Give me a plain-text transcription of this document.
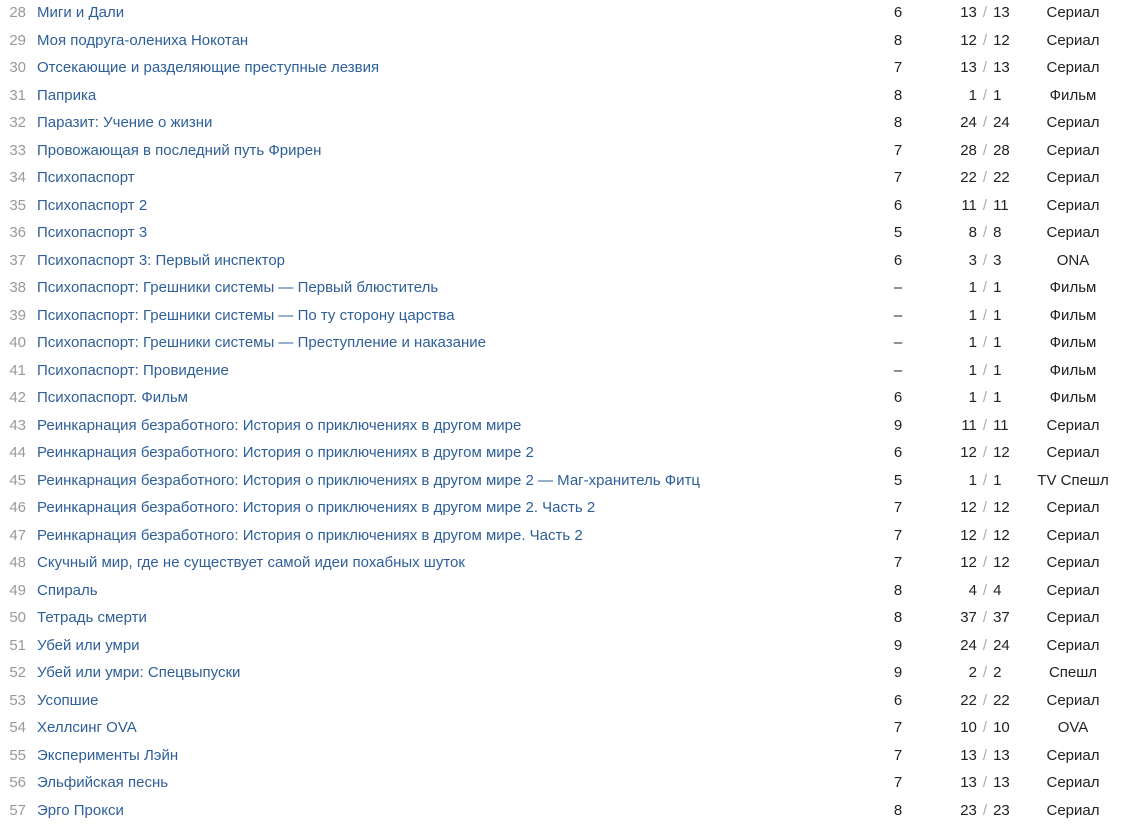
28 Миги и Дали	6	13 / 13	Сериал
29 Моя подруга-олениха Нокотан	8	12 / 12	Сериал
30 Отсекающие и разделяющие преступные лезвия	7	13 / 13	Сериал
31 Паприка	8	1 / 1	Фильм
32 Паразит: Учение о жизни	8	24 / 24	Сериал
33 Провожающая в последний путь Фрирен	7	28 / 28	Сериал
34 Психопаспорт	7	22 / 22	Сериал
35 Психопаспорт 2	6	11 / 11	Сериал
36 Психопаспорт 3	5	8 / 8	Сериал
37 Психопаспорт 3: Первый инспектор	6	3 / 3	ONA
38 Психопаспорт: Грешники системы — Первый блюститель	–	1 / 1	Фильм
39 Психопаспорт: Грешники системы — По ту сторону царства	–	1 / 1	Фильм
40 Психопаспорт: Грешники системы — Преступление и наказание	–	1 / 1	Фильм
41 Психопаспорт: Провидение	–	1 / 1	Фильм
42 Психопаспорт. Фильм	6	1 / 1	Фильм
43 Реинкарнация безработного: История о приключениях в другом мире	9	11 / 11	Сериал
44 Реинкарнация безработного: История о приключениях в другом мире 2	6	12 / 12	Сериал
45 Реинкарнация безработного: История о приключениях в другом мире 2 — Маг-хранитель Фитц	5	1 / 1	TV Спешл
46 Реинкарнация безработного: История о приключениях в другом мире 2. Часть 2	7	12 / 12	Сериал
47 Реинкарнация безработного: История о приключениях в другом мире. Часть 2	7	12 / 12	Сериал
48 Скучный мир, где не существует самой идеи похабных шуток	7	12 / 12	Сериал
49 Спираль	8	4 / 4	Сериал
50 Тетрадь смерти	8	37 / 37	Сериал
51 Убей или умри	9	24 / 24	Сериал
52 Убей или умри: Спецвыпуски	9	2 / 2	Спешл
53 Усопшие	6	22 / 22	Сериал
54 Хеллсинг OVA	7	10 / 10	OVA
55 Эксперименты Лэйн	7	13 / 13	Сериал
56 Эльфийская песнь	7	13 / 13	Сериал
57 Эрго Прокси	8	23 / 23	Сериал
